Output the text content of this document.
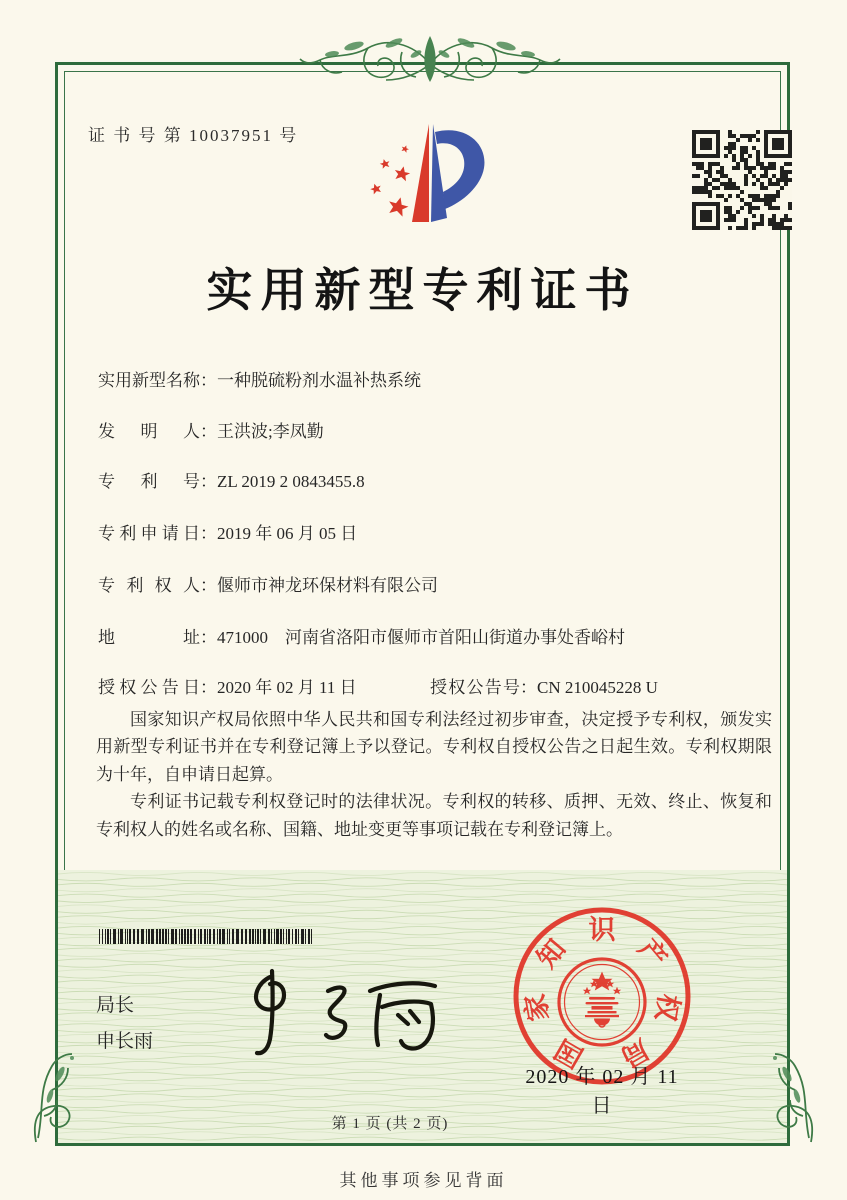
证 书 号 第 10037951 号
实用新型专利证书
实用新型名称：一种脱硫粉剂水温补热系统
发明人：王洪波;李凤勤
专利号：ZL 2019 2 0843455.8
专利申请日：2019 年 06 月 05 日
专利权人：偃师市神龙环保材料有限公司
地址：471000　河南省洛阳市偃师市首阳山街道办事处香峪村
授权公告日：2020 年 02 月 11 日	授权公告号：CN 210045228 U

国家知识产权局依照中华人民共和国专利法经过初步审查，决定授予专利权，颁发实用新型专利证书并在专利登记簿上予以登记。专利权自授权公告之日起生效。专利权期限为十年，自申请日起算。

专利证书记载专利权登记时的法律状况。专利权的转移、质押、无效、终止、恢复和专利权人的姓名或名称、国籍、地址变更等事项记载在专利登记簿上。

局长
申长雨	国
家
知
识
产
权
局
2020 年 02 月 11 日
第 1 页 (共 2 页)
其他事项参见背面
